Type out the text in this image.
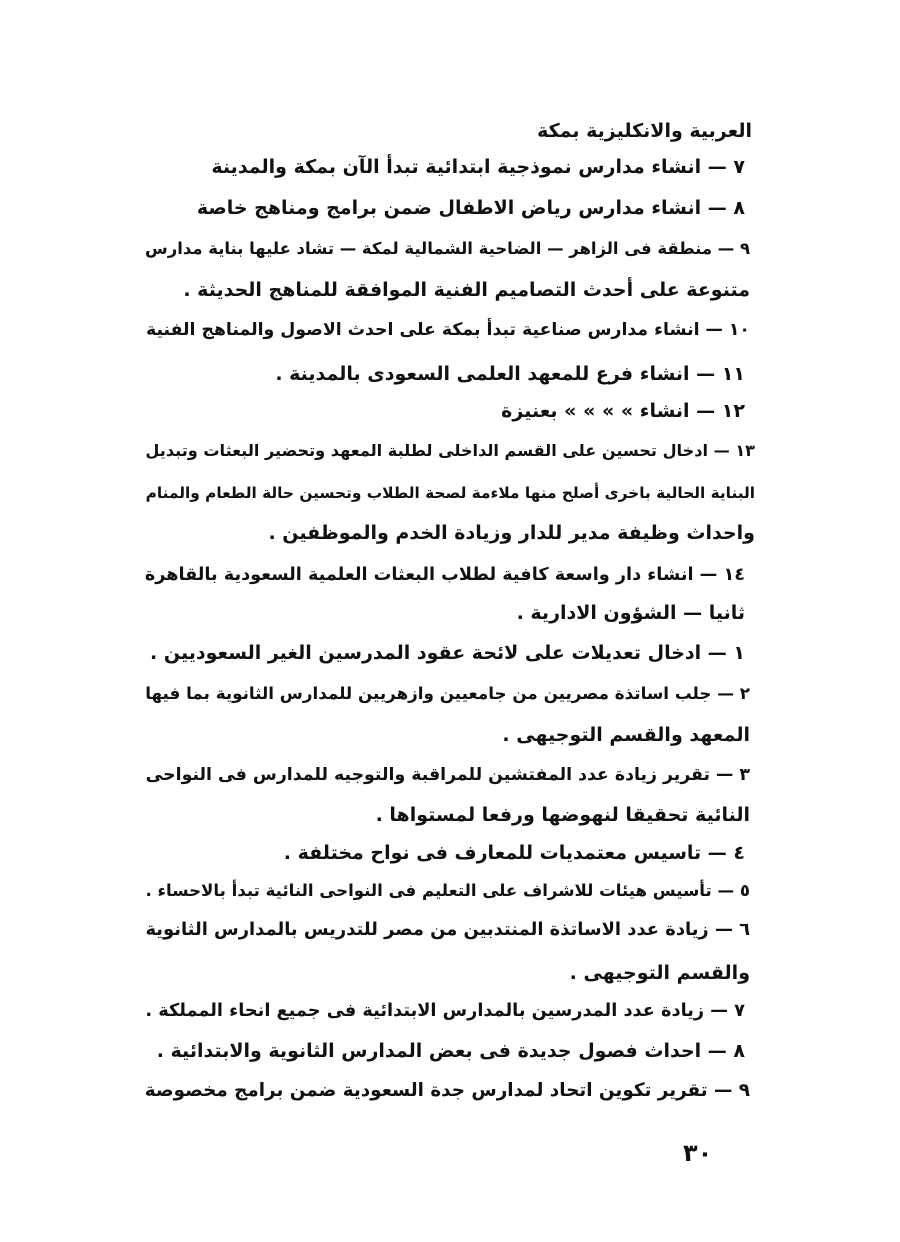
العربية والانكليزية بمكة
٧ — انشاء مدارس نموذجية ابتدائية تبدأ الآن بمكة والمدينة
٨ — انشاء مدارس رياض الاطفال ضمن برامج ومناهج خاصة
٩ — منطقة فى الزاهر — الضاحية الشمالية لمكة — تشاد عليها بناية مدارس
متنوعة على أحدث التصاميم الفنية الموافقة للمناهج الحديثة .
١٠ — انشاء مدارس صناعية تبدأ بمكة على احدث الاصول والمناهج الفنية
١١ — انشاء فرع للمعهد العلمى السعودى بالمدينة .
١٢ — انشاء » » » » بعنيزة
١٣ — ادخال تحسين على القسم الداخلى لطلبة المعهد وتحضير البعثات وتبديل
البناية الحالية باخرى أصلح منها ملاءمة لصحة الطلاب وتحسين حالة الطعام والمنام
واحداث وظيفة مدير للدار وزيادة الخدم والموظفين .
١٤ — انشاء دار واسعة كافية لطلاب البعثات العلمية السعودية بالقاهرة
ثانيا — الشؤون الادارية .
١ — ادخال تعديلات على لائحة عقود المدرسين الغير السعوديين .
٢ — جلب اساتذة مصريين من جامعيين وازهريين للمدارس الثانوية بما فيها
المعهد والقسم التوجيهى .
٣ — تقرير زيادة عدد المفتشين للمراقبة والتوجيه للمدارس فى النواحى
النائية تحقيقا لنهوضها ورفعا لمستواها .
٤ — تاسيس معتمديات للمعارف فى نواح مختلفة .
٥ — تأسيس هيئات للاشراف على التعليم فى النواحى النائية تبدأ بالاحساء .
٦ — زيادة عدد الاساتذة المنتدبين من مصر للتدريس بالمدارس الثانوية
والقسم التوجيهى .
٧ — زيادة عدد المدرسين بالمدارس الابتدائية فى جميع انحاء المملكة .
٨ — احداث فصول جديدة فى بعض المدارس الثانوية والابتدائية .
٩ — تقرير تكوين اتحاد لمدارس جدة السعودية ضمن برامج مخصوصة
٣٠
